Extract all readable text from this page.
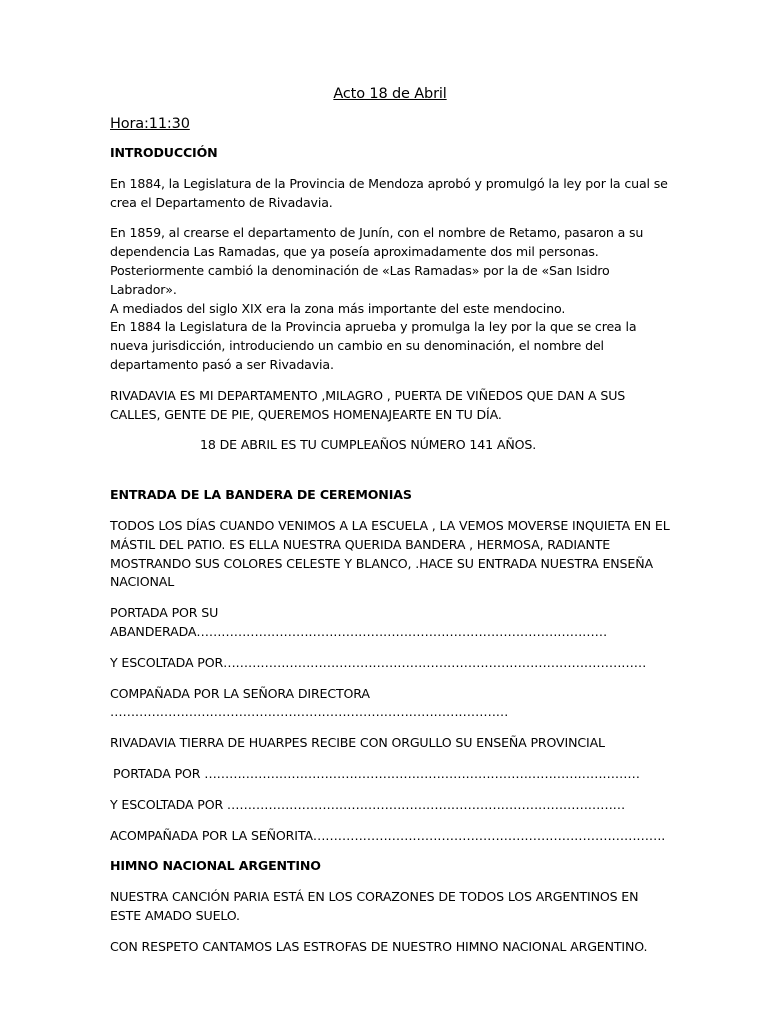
Acto 18 de Abril

Hora:11:30

INTRODUCCIÓN

En 1884, la Legislatura de la Provincia de Mendoza aprobó y promulgó la ley por la cual se crea el Departamento de Rivadavia.

En 1859, al crearse el departamento de Junín, con el nombre de Retamo, pasaron a su dependencia Las Ramadas, que ya poseía aproximadamente dos mil personas. Posteriormente cambió la denominación de «Las Ramadas» por la de «San Isidro Labrador».

A mediados del siglo XIX era la zona más importante del este mendocino.

En 1884 la Legislatura de la Provincia aprueba y promulga la ley por la que se crea la nueva jurisdicción, introduciendo un cambio en su denominación, el nombre del departamento pasó a ser Rivadavia.

RIVADAVIA ES MI DEPARTAMENTO ,MILAGRO , PUERTA DE VIÑEDOS QUE DAN A SUS CALLES, GENTE DE PIE, QUEREMOS HOMENAJEARTE EN TU DÍA.

18 DE ABRIL ES TU CUMPLEAÑOS NÚMERO 141 AÑOS.

ENTRADA DE LA BANDERA DE CEREMONIAS

TODOS LOS DÍAS CUANDO VENIMOS A LA ESCUELA , LA VEMOS MOVERSE INQUIETA EN EL MÁSTIL DEL PATIO. ES ELLA NUESTRA QUERIDA BANDERA , HERMOSA, RADIANTE MOSTRANDO SUS COLORES CELESTE Y BLANCO, .HACE SU ENTRADA NUESTRA ENSEÑA NACIONAL

PORTADA POR SU ABANDERADA………………………………………………………………………………………

Y ESCOLTADA POR…………………………………………………………………………………………

COMPAÑADA POR LA SEÑORA DIRECTORA

……………………………………………………………………………………

RIVADAVIA TIERRA DE HUARPES RECIBE CON ORGULLO SU ENSEÑA PROVINCIAL

PORTADA POR ……………………………………………………………………………………………

Y ESCOLTADA POR ……………………………………………………………………………………

ACOMPAÑADA POR LA SEÑORITA………………………………………………………………………….

HIMNO NACIONAL ARGENTINO

NUESTRA CANCIÓN PARIA ESTÁ EN LOS CORAZONES DE TODOS LOS ARGENTINOS EN ESTE AMADO SUELO.

CON RESPETO CANTAMOS LAS ESTROFAS DE NUESTRO HIMNO NACIONAL ARGENTINO.
